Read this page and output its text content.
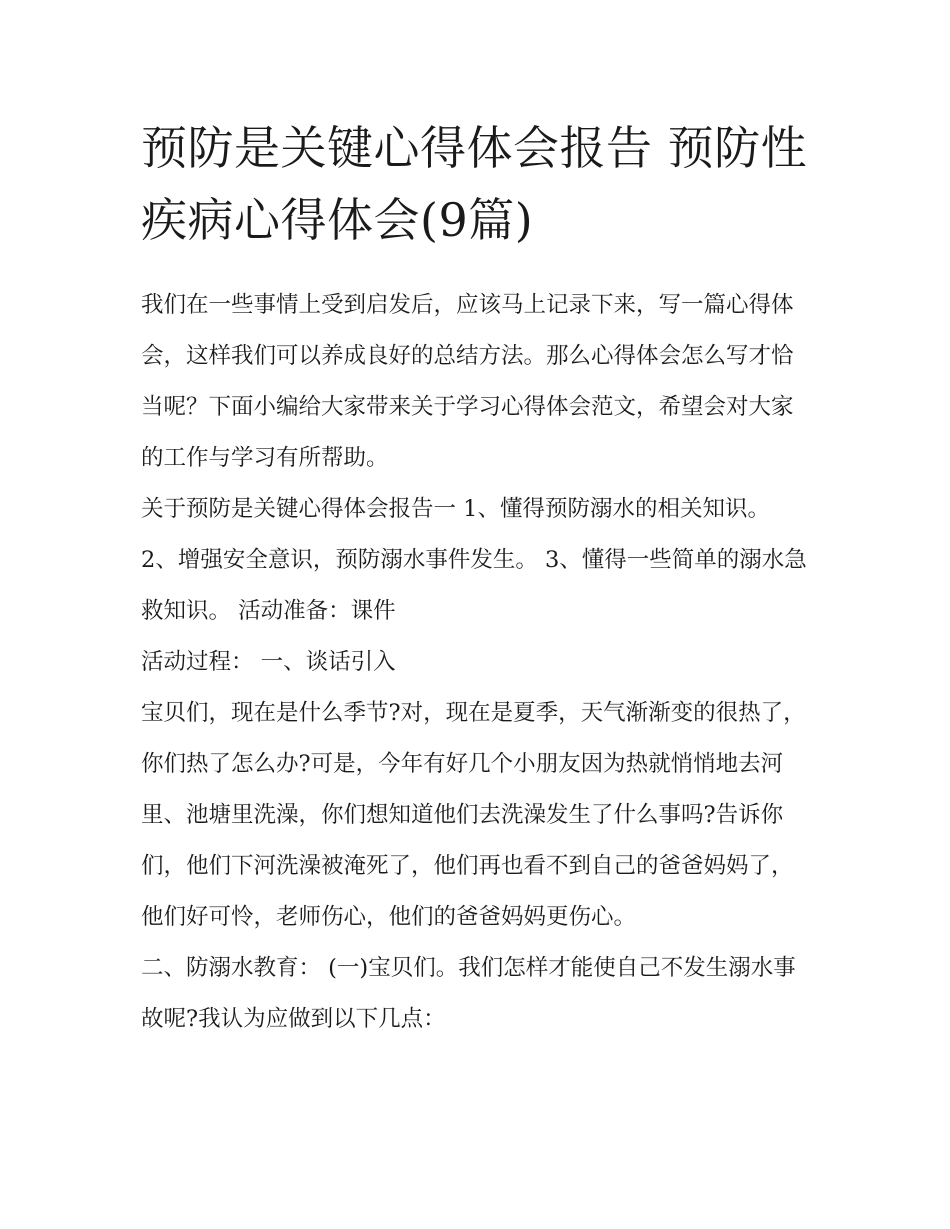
预防是关键心得体会报告 预防性疾病心得体会(9篇)

我们在一些事情上受到启发后，应该马上记录下来，写一篇心得体会，这样我们可以养成良好的总结方法。那么心得体会怎么写才恰当呢？下面小编给大家带来关于学习心得体会范文，希望会对大家的工作与学习有所帮助。

关于预防是关键心得体会报告一 1、懂得预防溺水的相关知识。 2、增强安全意识，预防溺水事件发生。 3、懂得一些简单的溺水急救知识。 活动准备：课件

活动过程： 一、谈话引入

宝贝们，现在是什么季节?对，现在是夏季，天气渐渐变的很热了，你们热了怎么办?可是，今年有好几个小朋友因为热就悄悄地去河里、池塘里洗澡，你们想知道他们去洗澡发生了什么事吗?告诉你们，他们下河洗澡被淹死了，他们再也看不到自己的爸爸妈妈了，他们好可怜，老师伤心，他们的爸爸妈妈更伤心。

二、防溺水教育： (一)宝贝们。我们怎样才能使自己不发生溺水事故呢?我认为应做到以下几点：
